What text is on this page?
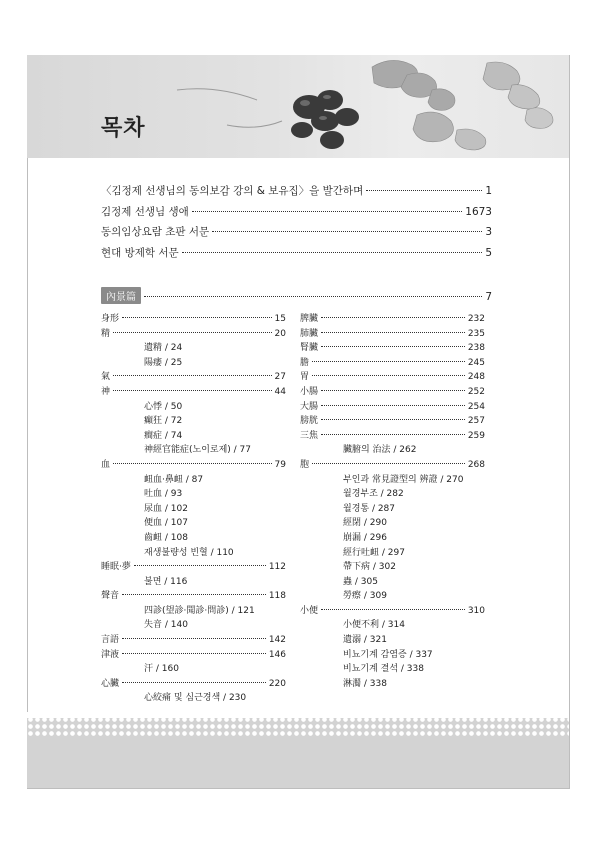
목차
〈김정제 선생님의 동의보감 강의 & 보유집〉을 발간하며	1
김정제 선생님 생애	1673
동의임상요람 초판 서문	3
현대 방제학 서문	5
內景篇	7
身形	15
精	20
遺精 / 24
陽痿 / 25
氣	27
神	44
心悸 / 50
癲狂 / 72
癎症 / 74
神經官能症(노이로제) / 77
血	79
衄血·鼻衄 / 87
吐血 / 93
尿血 / 102
便血 / 107
齒衄 / 108
재생불량성 빈혈 / 110
睡眠·夢	112
불면 / 116
聲音	118
四診(望診·聞診·問診) / 121
失音 / 140
言語	142
津液	146
汗 / 160
心臟	220
心絞痛 및 심근경색 / 230
脾臟	232
肺臟	235
腎臟	238
膽	245
胃	248
小腸	252
大腸	254
膀胱	257
三焦	259
臟腑의 治法 / 262
胞	268
부인과 常見證型의 辨證 / 270
월경부조 / 282
월경통 / 287
經閉 / 290
崩漏 / 296
經行吐衄 / 297
帶下病 / 302
蟲 / 305
勞瘵 / 309
小便	310
小便不利 / 314
遺溺 / 321
비뇨기계 감염증 / 337
비뇨기계 결석 / 338
淋濁 / 338
